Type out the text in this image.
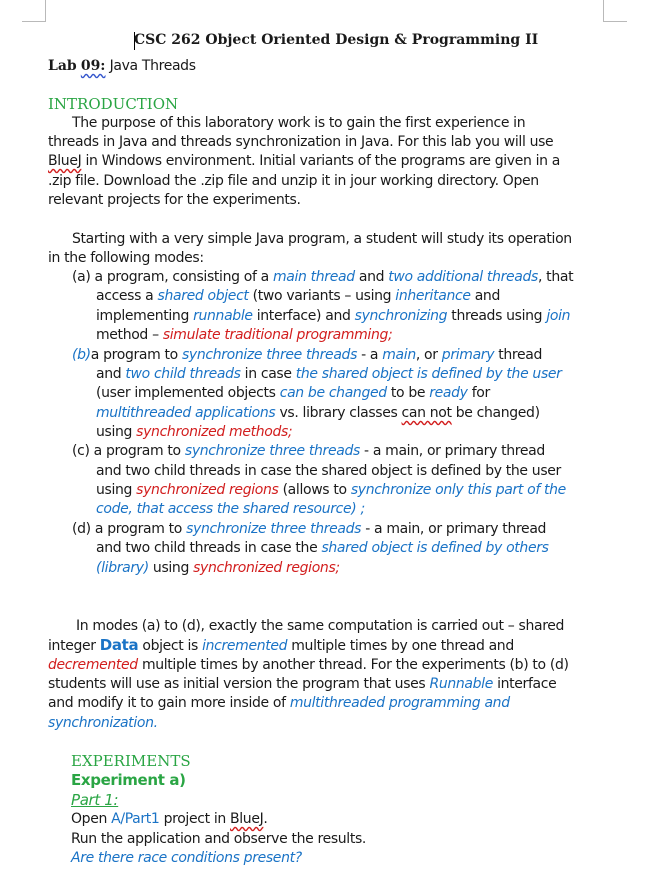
CSC 262 Object Oriented Design & Programming II
Lab 09: Java Threads
INTRODUCTION
The purpose of this laboratory work is to gain the first experience in
threads in Java and threads synchronization in Java. For this lab you will use
BlueJ in Windows environment. Initial variants of the programs are given in a
.zip file. Download the .zip file and unzip it in jour working directory. Open
relevant projects for the experiments.
Starting with a very simple Java program, a student will study its operation
in the following modes:
(a) a program, consisting of a main thread and two additional threads, that
access a shared object (two variants – using inheritance and
implementing runnable interface) and synchronizing threads using join
method – simulate traditional programming;
(b)a program to synchronize three threads - a main, or primary thread
and two child threads in case the shared object is defined by the user
(user implemented objects can be changed to be ready for
multithreaded applications vs. library classes can not be changed)
using synchronized methods;
(c) a program to synchronize three threads - a main, or primary thread
and two child threads in case the shared object is defined by the user
using synchronized regions (allows to synchronize only this part of the
code, that access the shared resource) ;
(d) a program to synchronize three threads - a main, or primary thread
and two child threads in case the shared object is defined by others
(library) using synchronized regions;
In modes (a) to (d), exactly the same computation is carried out – shared
integer Data object is incremented multiple times by one thread and
decremented multiple times by another thread. For the experiments (b) to (d)
students will use as initial version the program that uses Runnable interface
and modify it to gain more inside of multithreaded programming and
synchronization.
EXPERIMENTS
Experiment a)
Part 1:
Open A/Part1 project in BlueJ.
Run the application and observe the results.
Are there race conditions present?
